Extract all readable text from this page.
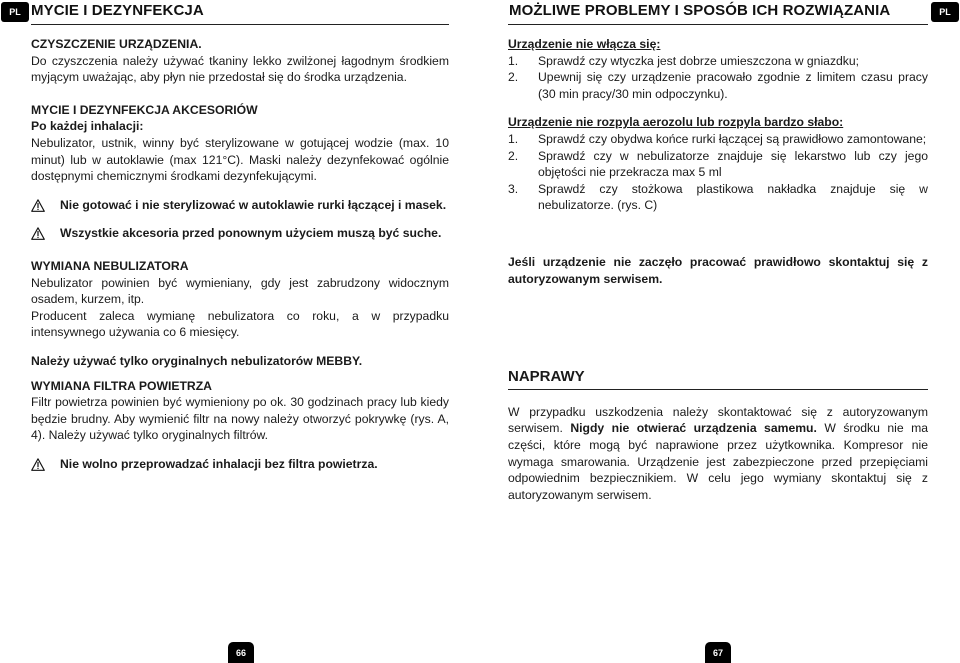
PL MYCIE I DEZYNFEKCJA

CZYSZCZENIE URZĄDZENIA.

Do czyszczenia należy używać tkaniny lekko zwilżonej łagodnym środkiem myjącym uważając, aby płyn nie przedostał się do środka urządzenia.

MYCIE I DEZYNFEKCJA AKCESORIÓW

Po każdej inhalacji:

Nebulizator, ustnik, winny być sterylizowane w gotującej wodzie (max. 10 minut) lub w autoklawie (max 121°C). Maski należy dezynfekować ogólnie dostępnymi chemicznymi środkami dezynfekującymi.

Nie gotować i nie sterylizować w autoklawie rurki łączącej i masek.
Wszystkie akcesoria przed ponownym użyciem muszą być suche.

WYMIANA NEBULIZATORA

Nebulizator powinien być wymieniany, gdy jest zabrudzony widocznym osadem, kurzem, itp.

Producent zaleca wymianę nebulizatora co roku, a w przypadku intensywnego używania co 6 miesięcy.

Należy używać tylko oryginalnych nebulizatorów MEBBY.

WYMIANA FILTRA POWIETRZA

Filtr powietrza powinien być wymieniony po ok. 30 godzinach pracy lub kiedy będzie brudny. Aby wymienić filtr na nowy należy otworzyć pokrywkę (rys. A, 4). Należy używać tylko oryginalnych filtrów.

Nie wolno przeprowadzać inhalacji bez filtra powietrza.
66
PL
MOŻLIWE PROBLEMY I SPOSÓB ICH ROZWIĄZANIA

Urządzenie nie włącza się:

1.	Sprawdź czy wtyczka jest dobrze umieszczona w gniazdku;
2.	Upewnij się czy urządzenie pracowało zgodnie z limitem czasu pracy (30 min pracy/30 min odpoczynku).

Urządzenie nie rozpyla aerozolu lub rozpyla bardzo słabo:

1.	Sprawdź czy obydwa końce rurki łączącej są prawidłowo zamontowane;
2.	Sprawdź czy w nebulizatorze znajduje się lekarstwo lub czy jego objętości nie przekracza max 5 ml
3.	Sprawdź czy stożkowa plastikowa nakładka znajduje się w nebulizatorze. (rys. C)

Jeśli urządzenie nie zaczęło pracować prawidłowo skontaktuj się z autoryzowanym serwisem.

NAPRAWY

W przypadku uszkodzenia należy skontaktować się z autoryzowanym serwisem. Nigdy nie otwierać urządzenia samemu. W środku nie ma części, które mogą być naprawione przez użytkownika. Kompresor nie wymaga smarowania. Urządzenie jest zabezpieczone przed przepięciami odpowiednim bezpiecznikiem. W celu jego wymiany skontaktuj się z autoryzowanym serwisem.

67
